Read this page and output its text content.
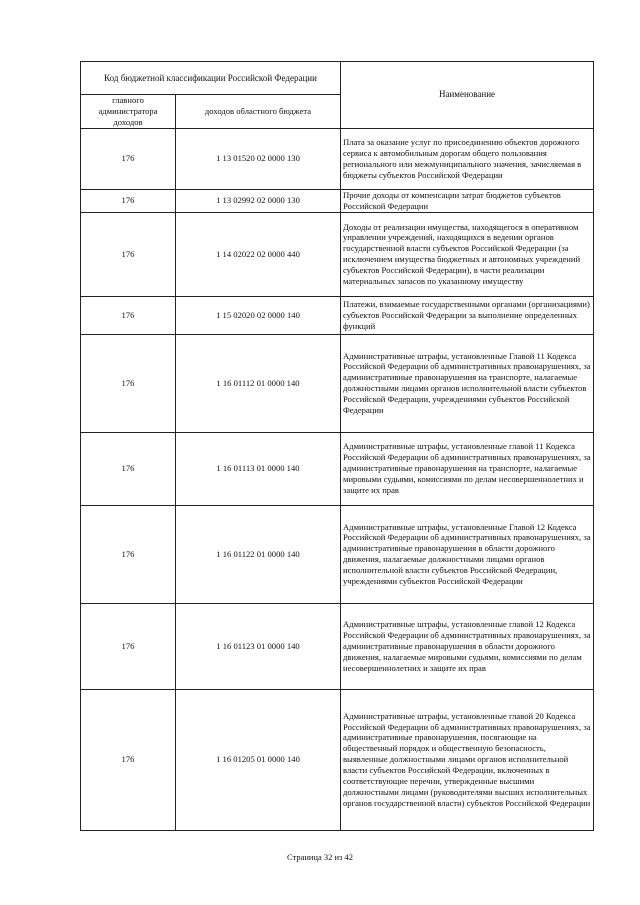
Код бюджетной классификации Российской Федерации		Наименование
главного администратора доходов	доходов областного бюджета	
176	1 13 01520 02 0000 130	Плата за оказание услуг по присоединению объектов дорожного сервиса к автомобильным дорогам общего пользования регионального или межмуниципального значения, зачисляемая в бюджеты субъектов Российской Федерации
176	1 13 02992 02 0000 130	Прочие доходы от компенсации затрат бюджетов субъектов Российской Федерации
176	1 14 02022 02 0000 440	Доходы от реализации имущества, находящегося в оперативном управлении учреждений, находящихся в ведении органов государственной власти субъектов Российской Федерации (за исключением имущества бюджетных и автономных учреждений субъектов Российской Федерации), в части реализации материальных запасов по указанному имуществу
176	1 15 02020 02 0000 140	Платежи, взимаемые государственными органами (организациями) субъектов Российской Федерации за выполнение определенных функций
176	1 16 01112 01 0000 140	Административные штрафы, установленные Главой 11 Кодекса Российской Федерации об административных правонарушениях, за административные правонарушения на транспорте, налагаемые должностными лицами органов исполнительной власти субъектов Российской Федерации, учреждениями субъектов Российской Федерации
176	1 16 01113 01 0000 140	Административные штрафы, установленные главой 11 Кодекса Российской Федерации об административных правонарушениях, за административные правонарушения на транспорте, налагаемые мировыми судьями, комиссиями по делам несовершеннолетних и защите их прав
176	1 16 01122 01 0000 140	Административные штрафы, установленные Главой 12 Кодекса Российской Федерации об административных правонарушениях, за административные правонарушения в области дорожного движения, налагаемые должностными лицами органов исполнительной власти субъектов Российской Федерации, учреждениями субъектов Российской Федерации
176	1 16 01123 01 0000 140	Административные штрафы, установленные главой 12 Кодекса Российской Федерации об административных правонарушениях, за административные правонарушения в области дорожного движения, налагаемые мировыми судьями, комиссиями по делам несовершеннолетних и защите их прав
176	1 16 01205 01 0000 140	Административные штрафы, установленные главой 20 Кодекса Российской Федерации об административных правонарушениях, за административные правонарушения, посягающие на общественный порядок и общественную безопасность, выявленные должностными лицами органов исполнительной власти субъектов Российской Федерации, включенных в соответствующие перечни, утвержденные высшими должностными лицами (руководителями высших исполнительных органов государственной власти) субъектов Российской Федерации
Страница 32 из 42
